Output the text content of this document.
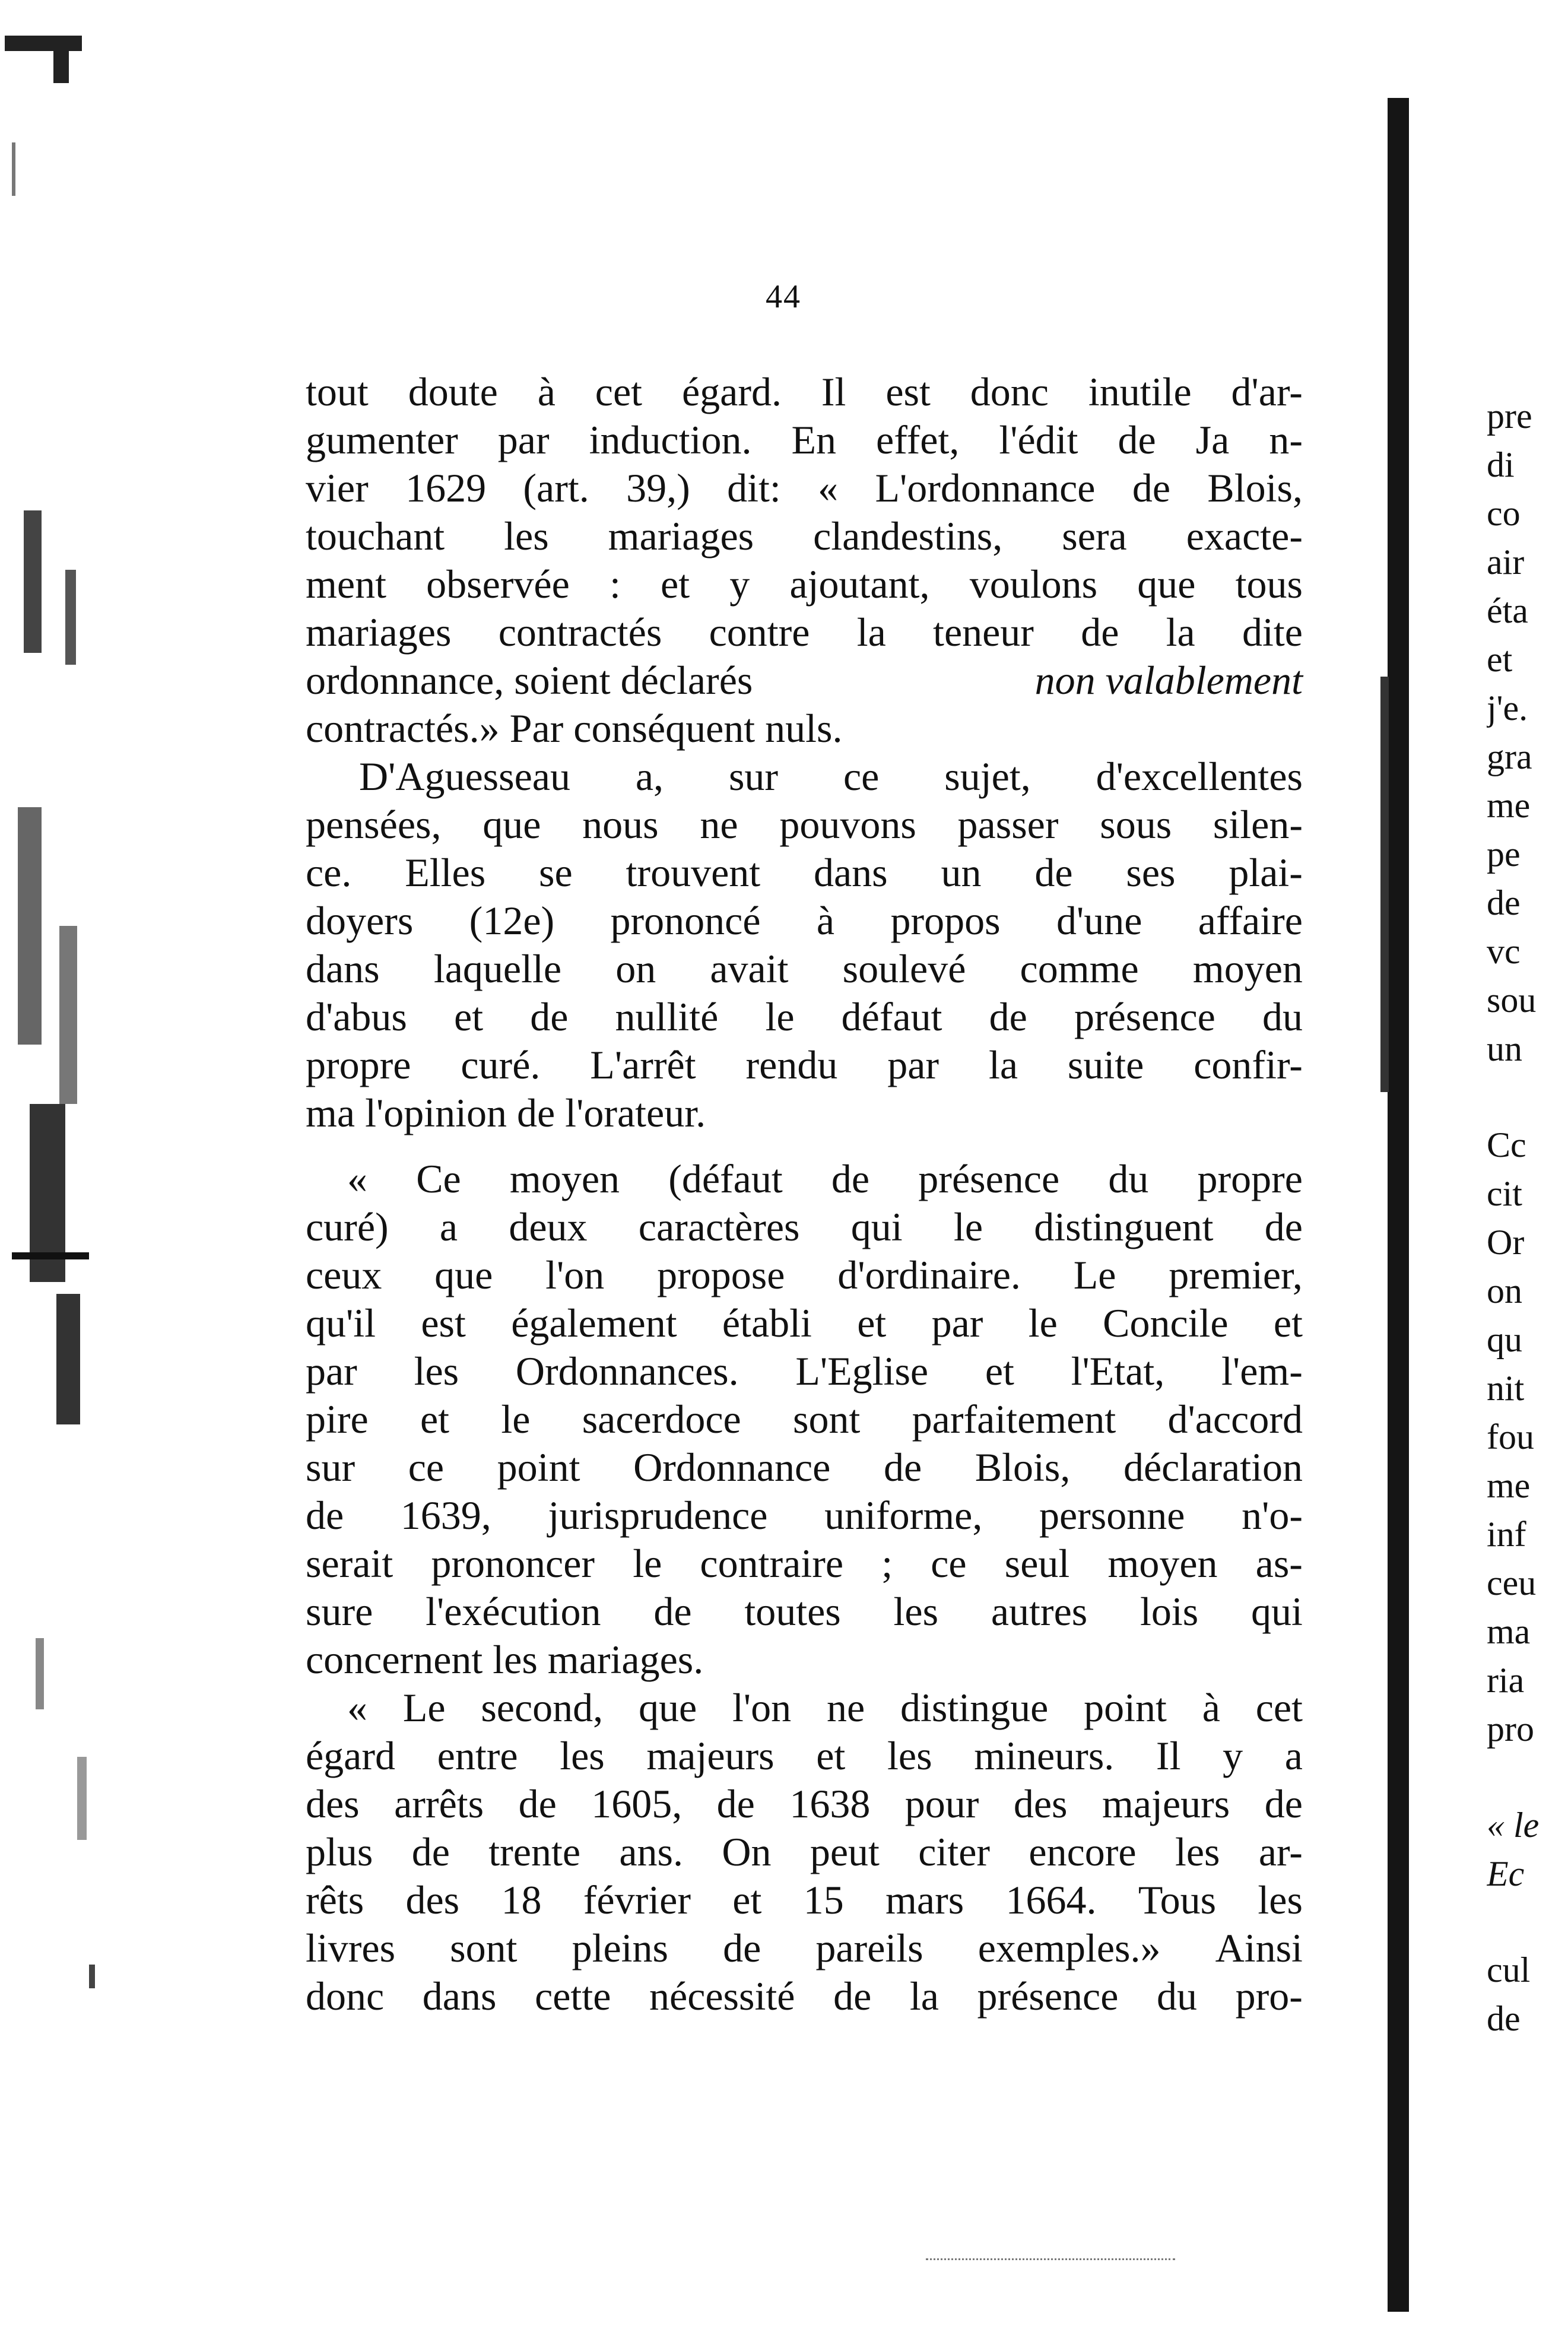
44
tout doute à cet égard. Il est donc inutile d'ar-
gumenter par induction. En effet, l'édit de Ja n-
vier 1629 (art. 39,) dit: « L'ordonnance de Blois,
touchant les mariages clandestins, sera exacte-
ment observée : et y ajoutant, voulons que tous
mariages contractés contre la teneur de la dite
ordonnance, soient déclarés	non valablement
contractés.» Par conséquent nuls.
D'Aguesseau a, sur ce sujet, d'excellentes
pensées, que nous ne pouvons passer sous silen-
ce. Elles se trouvent dans un de ses plai-
doyers (12e) prononcé à propos d'une affaire
dans laquelle on avait soulevé comme moyen
d'abus et de nullité le défaut de présence du
propre curé. L'arrêt rendu par la suite confir-
ma l'opinion de l'orateur.
« Ce moyen (défaut de présence du propre
curé) a deux caractères qui le distinguent de
ceux que l'on propose d'ordinaire. Le premier,
qu'il est également établi et par le Concile et
par les Ordonnances. L'Eglise et l'Etat, l'em-
pire et le sacerdoce sont parfaitement d'accord
sur ce point Ordonnance de Blois, déclaration
de 1639, jurisprudence uniforme, personne n'o-
serait prononcer le contraire ; ce seul moyen as-
sure l'exécution de toutes les autres lois qui
concernent les mariages.
« Le second, que l'on ne distingue point à cet
égard entre les majeurs et les mineurs. Il y a
des arrêts de 1605, de 1638 pour des majeurs de
plus de trente ans. On peut citer encore les ar-
rêts des 18 février et 15 mars 1664. Tous les
livres sont pleins de pareils exemples.» Ainsi
donc dans cette nécessité de la présence du pro-
pre
di
co
air
éta
et
j'e.
gra
me
pe
de
vc
sou
un
Cc
cit
Or
on
qu
nit
fou
me
inf
ceu
ma
ria
pro
« le
Ec
cul
de
